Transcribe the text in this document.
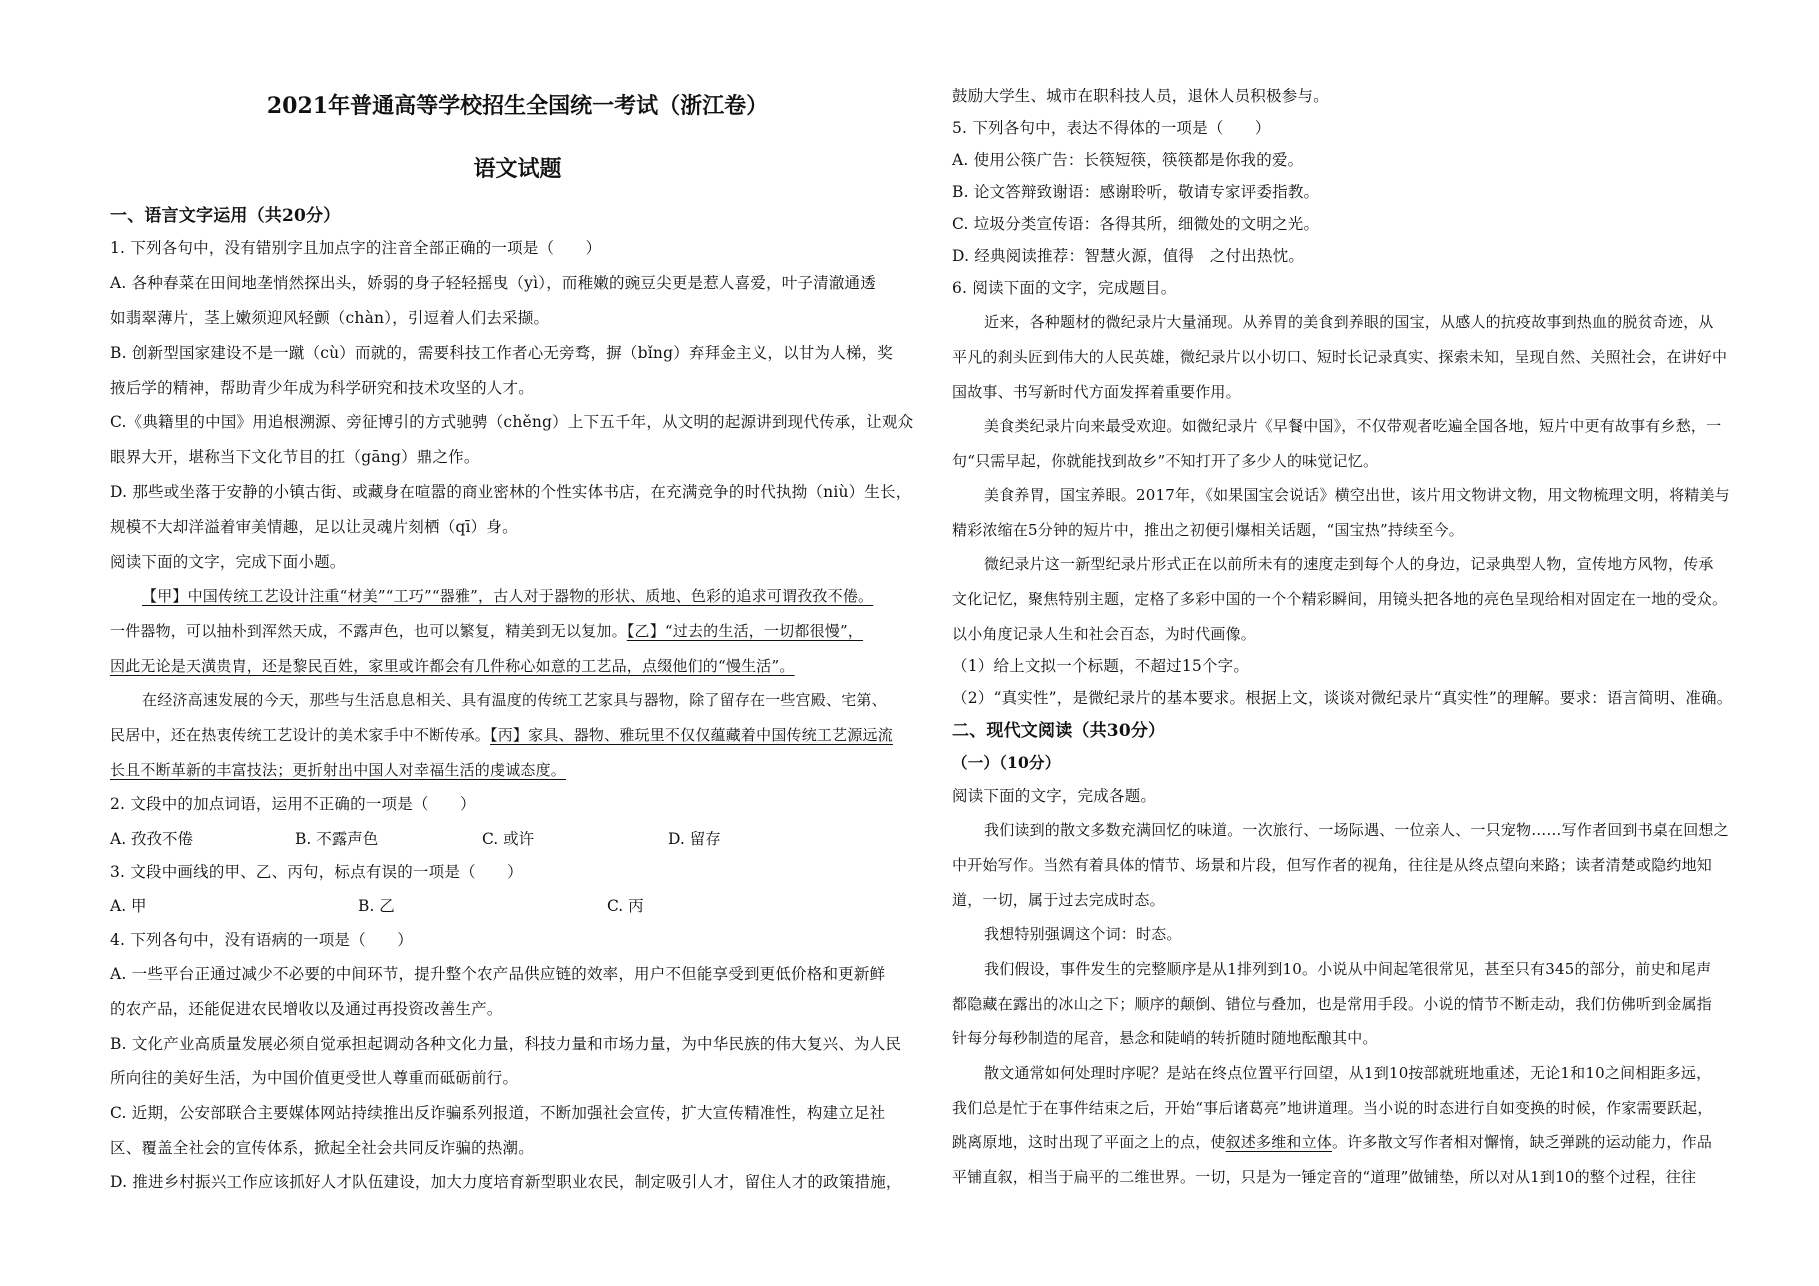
2021年普通高等学校招生全国统一考试（浙江卷）
语文试题
一、语言文字运用（共20分）
1. 下列各句中，没有错别字且加点字的注音全部正确的一项是（　　）
A. 各种春菜在田间地垄悄然探出头，娇弱的身子轻轻摇曳（yì），而稚嫩的豌豆尖更是惹人喜爱，叶子清澈通透
如翡翠薄片，茎上嫩须迎风轻颤（chàn），引逗着人们去采撷。
B. 创新型国家建设不是一蹴（cù）而就的，需要科技工作者心无旁骛，摒（bǐng）弃拜金主义，以甘为人梯，奖
掖后学的精神，帮助青少年成为科学研究和技术攻坚的人才。
C.《典籍里的中国》用追根溯源、旁征博引的方式驰骋（chěng）上下五千年，从文明的起源讲到现代传承，让观众
眼界大开，堪称当下文化节目的扛（gāng）鼎之作。
D. 那些或坐落于安静的小镇古街、或藏身在喧嚣的商业密林的个性实体书店，在充满竞争的时代执拗（niù）生长，
规模不大却洋溢着审美情趣，足以让灵魂片刻栖（qī）身。
阅读下面的文字，完成下面小题。
【甲】中国传统工艺设计注重“材美”“工巧”“器雅”，古人对于器物的形状、质地、色彩的追求可谓孜孜不倦。
一件器物，可以抽朴到浑然天成，不露声色，也可以繁复，精美到无以复加。【乙】“过去的生活，一切都很慢”，
因此无论是天潢贵胄，还是黎民百姓，家里或许都会有几件称心如意的工艺品，点缀他们的“慢生活”。
在经济高速发展的今天，那些与生活息息相关、具有温度的传统工艺家具与器物，除了留存在一些宫殿、宅第、
民居中，还在热衷传统工艺设计的美术家手中不断传承。【丙】家具、器物、雅玩里不仅仅蕴藏着中国传统工艺源远流
长且不断革新的丰富技法；更折射出中国人对幸福生活的虔诚态度。
2. 文段中的加点词语，运用不正确的一项是（　　）
A. 孜孜不倦	B. 不露声色	C. 或许	D. 留存
3. 文段中画线的甲、乙、丙句，标点有误的一项是（　　）
A. 甲	B. 乙	C. 丙
4. 下列各句中，没有语病的一项是（　　）
A. 一些平台正通过减少不必要的中间环节，提升整个农产品供应链的效率，用户不但能享受到更低价格和更新鲜
的农产品，还能促进农民增收以及通过再投资改善生产。
B. 文化产业高质量发展必须自觉承担起调动各种文化力量，科技力量和市场力量，为中华民族的伟大复兴、为人民
所向往的美好生活，为中国价值更受世人尊重而砥砺前行。
C. 近期，公安部联合主要媒体网站持续推出反诈骗系列报道，不断加强社会宣传，扩大宣传精准性，构建立足社
区、覆盖全社会的宣传体系，掀起全社会共同反诈骗的热潮。
D. 推进乡村振兴工作应该抓好人才队伍建设，加大力度培育新型职业农民，制定吸引人才，留住人才的政策措施，
鼓励大学生、城市在职科技人员，退休人员积极参与。
5. 下列各句中，表达不得体的一项是（　　）
A. 使用公筷广告：长筷短筷，筷筷都是你我的爱。
B. 论文答辩致谢语：感谢聆听，敬请专家评委指教。
C. 垃圾分类宣传语：各得其所，细微处的文明之光。
D. 经典阅读推荐：智慧火源，值得　之付出热忱。
6. 阅读下面的文字，完成题目。
近来，各种题材的微纪录片大量涌现。从养胃的美食到养眼的国宝，从感人的抗疫故事到热血的脱贫奇迹，从
平凡的刹头匠到伟大的人民英雄，微纪录片以小切口、短时长记录真实、探索未知，呈现自然、关照社会，在讲好中
国故事、书写新时代方面发挥着重要作用。
美食类纪录片向来最受欢迎。如微纪录片《早餐中国》，不仅带观者吃遍全国各地，短片中更有故事有乡愁，一
句“只需早起，你就能找到故乡”不知打开了多少人的味觉记忆。
美食养胃，国宝养眼。2017年，《如果国宝会说话》横空出世，该片用文物讲文物，用文物梳理文明，将精美与
精彩浓缩在5分钟的短片中，推出之初便引爆相关话题，“国宝热”持续至今。
微纪录片这一新型纪录片形式正在以前所未有的速度走到每个人的身边，记录典型人物，宣传地方风物，传承
文化记忆，聚焦特别主题，定格了多彩中国的一个个精彩瞬间，用镜头把各地的亮色呈现给相对固定在一地的受众。
以小角度记录人生和社会百态，为时代画像。
（1）给上文拟一个标题，不超过15个字。
（2）“真实性”，是微纪录片的基本要求。根据上文，谈谈对微纪录片“真实性”的理解。要求：语言简明、准确。
二、现代文阅读（共30分）
（一）（10分）
阅读下面的文字，完成各题。
我们读到的散文多数充满回忆的味道。一次旅行、一场际遇、一位亲人、一只宠物……写作者回到书桌在回想之
中开始写作。当然有着具体的情节、场景和片段，但写作者的视角，往往是从终点望向来路；读者清楚或隐约地知
道，一切，属于过去完成时态。
我想特别强调这个词：时态。
我们假设，事件发生的完整顺序是从1排列到10。小说从中间起笔很常见，甚至只有345的部分，前史和尾声
都隐藏在露出的冰山之下；顺序的颠倒、错位与叠加，也是常用手段。小说的情节不断走动，我们仿佛听到金属指
针每分每秒制造的尾音，悬念和陡峭的转折随时随地酝酿其中。
散文通常如何处理时序呢？是站在终点位置平行回望，从1到10按部就班地重述，无论1和10之间相距多远，
我们总是忙于在事件结束之后，开始“事后诸葛亮”地讲道理。当小说的时态进行自如变换的时候，作家需要跃起，
跳离原地，这时出现了平面之上的点，使叙述多维和立体。许多散文写作者相对懈惰，缺乏弹跳的运动能力，作品
平铺直叙，相当于扁平的二维世界。一切，只是为一锤定音的“道理”做铺垫，所以对从1到10的整个过程，往往
